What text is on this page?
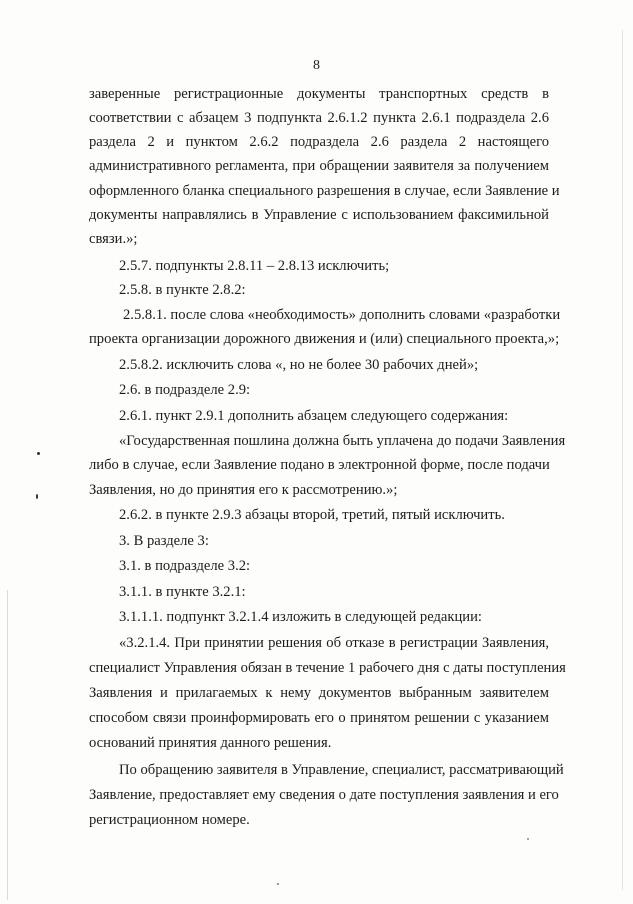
8
заверенные регистрационные документы транспортных средств в
соответствии с абзацем 3 подпункта 2.6.1.2 пункта 2.6.1 подраздела 2.6
раздела 2 и пунктом 2.6.2 подраздела 2.6 раздела 2 настоящего
административного регламента, при обращении заявителя за получением
оформленного бланка специального разрешения в случае, если Заявление и
документы направлялись в Управление с использованием факсимильной
связи.»;
2.5.7. подпункты 2.8.11 – 2.8.13 исключить;
2.5.8. в пункте 2.8.2:
2.5.8.1. после слова «необходимость» дополнить словами «разработки
проекта организации дорожного движения и (или) специального проекта,»;
2.5.8.2. исключить слова «, но не более 30 рабочих дней»;
2.6. в подразделе 2.9:
2.6.1. пункт 2.9.1 дополнить абзацем следующего содержания:
«Государственная пошлина должна быть уплачена до подачи Заявления
либо в случае, если Заявление подано в электронной форме, после подачи
Заявления, но до принятия его к рассмотрению.»;
2.6.2. в пункте 2.9.3 абзацы второй, третий, пятый исключить.
3. В разделе 3:
3.1. в подразделе 3.2:
3.1.1. в пункте 3.2.1:
3.1.1.1. подпункт 3.2.1.4 изложить в следующей редакции:
«3.2.1.4. При принятии решения об отказе в регистрации Заявления,
специалист Управления обязан в течение 1 рабочего дня с даты поступления
Заявления и прилагаемых к нему документов выбранным заявителем
способом связи проинформировать его о принятом решении с указанием
оснований принятия данного решения.
По обращению заявителя в Управление, специалист, рассматривающий
Заявление, предоставляет ему сведения о дате поступления заявления и его
регистрационном номере.
